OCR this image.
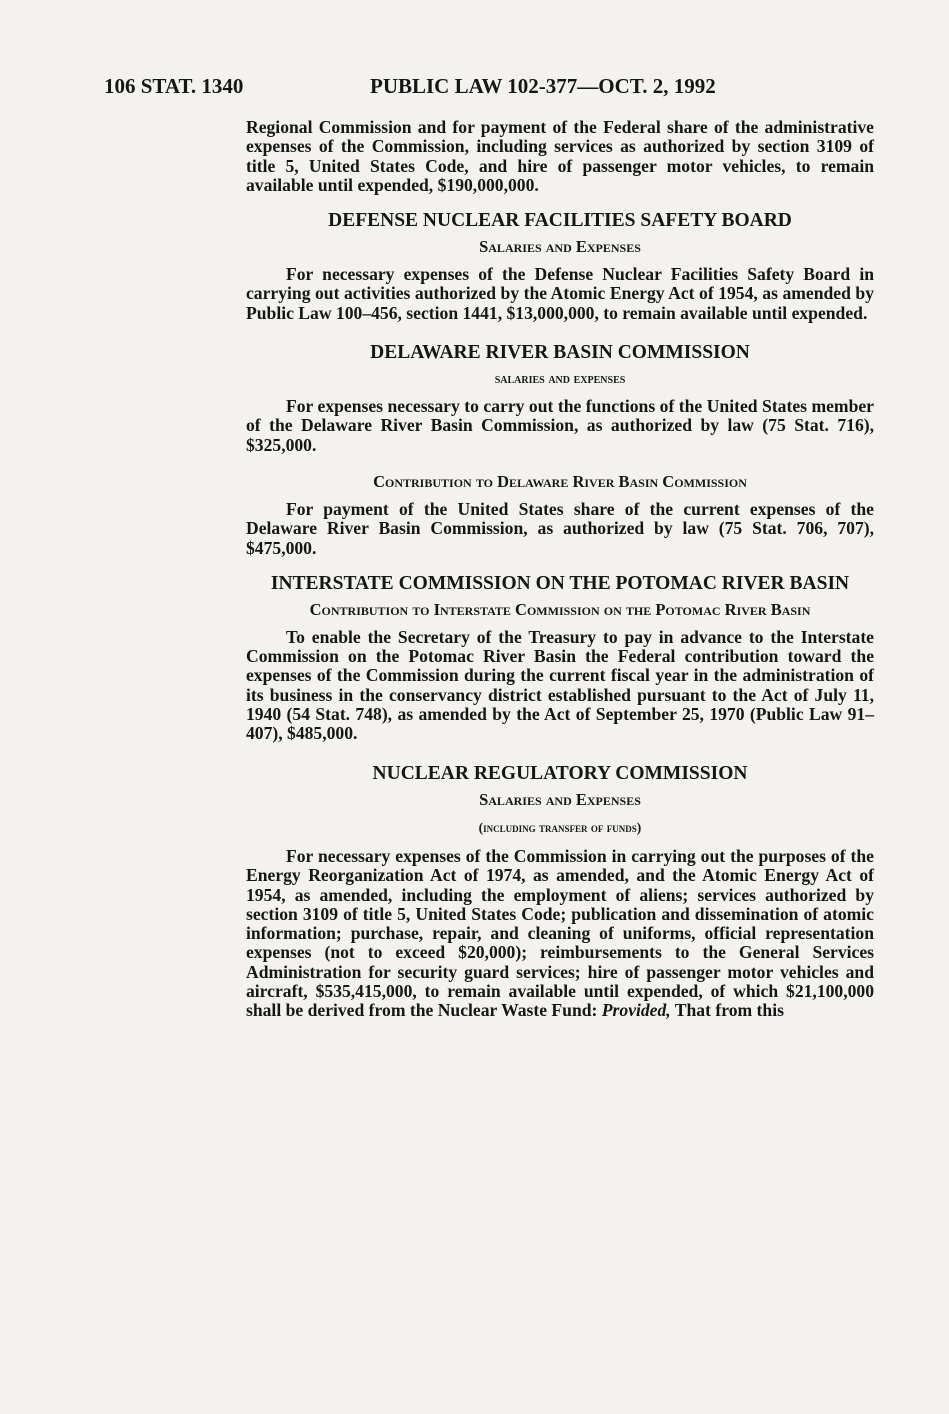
106 STAT. 1340	PUBLIC LAW 102-377—OCT. 2, 1992

Regional Commission and for payment of the Federal share of the administrative expenses of the Commission, including services as authorized by section 3109 of title 5, United States Code, and hire of passenger motor vehicles, to remain available until expended, $190,000,000.

DEFENSE NUCLEAR FACILITIES SAFETY BOARD
Salaries and Expenses

For necessary expenses of the Defense Nuclear Facilities Safety Board in carrying out activities authorized by the Atomic Energy Act of 1954, as amended by Public Law 100–456, section 1441, $13,000,000, to remain available until expended.

DELAWARE RIVER BASIN COMMISSION
salaries and expenses

For expenses necessary to carry out the functions of the United States member of the Delaware River Basin Commission, as authorized by law (75 Stat. 716), $325,000.

Contribution to Delaware River Basin Commission

For payment of the United States share of the current expenses of the Delaware River Basin Commission, as authorized by law (75 Stat. 706, 707), $475,000.

INTERSTATE COMMISSION ON THE POTOMAC RIVER BASIN
Contribution to Interstate Commission on the Potomac River Basin

To enable the Secretary of the Treasury to pay in advance to the Interstate Commission on the Potomac River Basin the Federal contribution toward the expenses of the Commission during the current fiscal year in the administration of its business in the conservancy district established pursuant to the Act of July 11, 1940 (54 Stat. 748), as amended by the Act of September 25, 1970 (Public Law 91–407), $485,000.

NUCLEAR REGULATORY COMMISSION
Salaries and Expenses
(including transfer of funds)

For necessary expenses of the Commission in carrying out the purposes of the Energy Reorganization Act of 1974, as amended, and the Atomic Energy Act of 1954, as amended, including the employment of aliens; services authorized by section 3109 of title 5, United States Code; publication and dissemination of atomic information; purchase, repair, and cleaning of uniforms, official representation expenses (not to exceed $20,000); reimbursements to the General Services Administration for security guard services; hire of passenger motor vehicles and aircraft, $535,415,000, to remain available until expended, of which $21,100,000 shall be derived from the Nuclear Waste Fund: Provided, That from this
